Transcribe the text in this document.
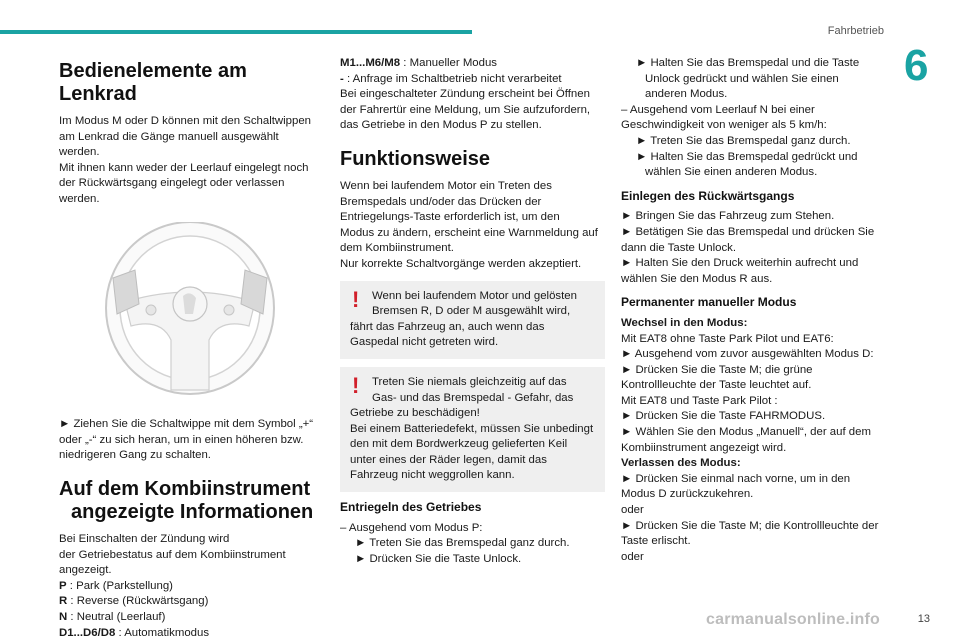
Fahrbetrieb
6
Bedienelemente am Lenkrad

Im Modus M oder D können mit den Schaltwippen
am Lenkrad die Gänge manuell ausgewählt
werden.
Mit ihnen kann weder der Leerlauf eingelegt noch
der Rückwärtsgang eingelegt oder verlassen
werden.

► Ziehen Sie die Schaltwippe mit dem Symbol „+“
oder „-“ zu sich heran, um in einen höheren bzw.
niedrigeren Gang zu schalten.

Auf dem Kombiinstrument angezeigte Informationen

Bei Einschalten der Zündung wird
der Getriebestatus auf dem Kombiinstrument
angezeigt.
P : Park (Parkstellung)
R : Reverse (Rückwärtsgang)
N : Neutral (Leerlauf)
D1...D6/D8 : Automatikmodus

M1...M6/M8 : Manueller Modus
- : Anfrage im Schaltbetrieb nicht verarbeitet
Bei eingeschalteter Zündung erscheint bei Öffnen
der Fahrertür eine Meldung, um Sie aufzufordern,
das Getriebe in den Modus P zu stellen.

Funktionsweise

Wenn bei laufendem Motor ein Treten des
Bremspedals und/oder das Drücken der
Entriegelungs-Taste erforderlich ist, um den
Modus zu ändern, erscheint eine Warnmeldung auf
dem Kombiinstrument.
Nur korrekte Schaltvorgänge werden akzeptiert.

!	Wenn bei laufendem Motor und gelösten
Bremsen R, D oder M ausgewählt wird,
fährt das Fahrzeug an, auch wenn das
Gaspedal nicht getreten wird.
!	Treten Sie niemals gleichzeitig auf das
Gas- und das Bremspedal - Gefahr, das
Getriebe zu beschädigen!
Bei einem Batteriedefekt, müssen Sie unbedingt
den mit dem Bordwerkzeug gelieferten Keil
unter eines der Räder legen, damit das
Fahrzeug nicht weggrollen kann.
Entriegeln des Getriebes

– Ausgehend vom Modus P:
► Treten Sie das Bremspedal ganz durch.
► Drücken Sie die Taste Unlock.

► Halten Sie das Bremspedal und die Taste
Unlock gedrückt und wählen Sie einen
anderen Modus.
– Ausgehend vom Leerlauf N bei einer
Geschwindigkeit von weniger als 5 km/h:
► Treten Sie das Bremspedal ganz durch.
► Halten Sie das Bremspedal gedrückt und
wählen Sie einen anderen Modus.

Einlegen des Rückwärtsgangs

► Bringen Sie das Fahrzeug zum Stehen.
► Betätigen Sie das Bremspedal und drücken Sie
dann die Taste Unlock.
► Halten Sie den Druck weiterhin aufrecht und
wählen Sie den Modus R aus.

Permanenter manueller Modus

Wechsel in den Modus:
Mit EAT8 ohne Taste Park Pilot und EAT6:
► Ausgehend vom zuvor ausgewählten Modus D:
► Drücken Sie die Taste M; die grüne
Kontrollleuchte der Taste leuchtet auf.
Mit EAT8 und Taste Park Pilot :
► Drücken Sie die Taste FAHRMODUS.
► Wählen Sie den Modus „Manuell“, der auf dem
Kombiinstrument angezeigt wird.
Verlassen des Modus:
► Drücken Sie einmal nach vorne, um in den
Modus D zurückzukehren.
oder
► Drücken Sie die Taste M; die Kontrollleuchte der
Taste erlischt.
oder

carmanualsonline.info	13
